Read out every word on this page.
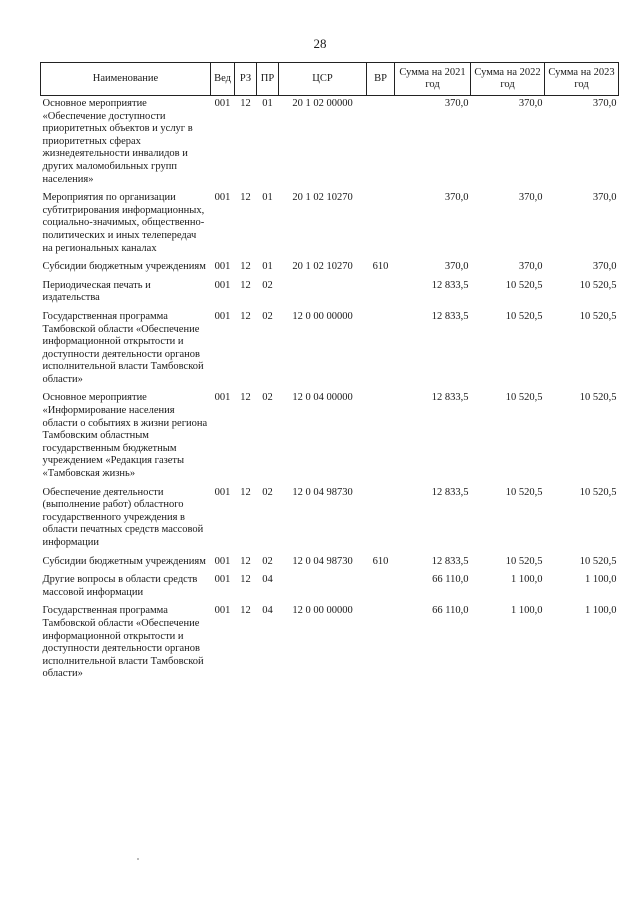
28
Наименование	Вед	РЗ	ПР	ЦСР	ВР	Сумма на 2021 год	Сумма на 2022 год	Сумма на 2023 год
Основное мероприятие «Обеспечение доступности приоритетных объектов и услуг в приоритетных сферах жизнедеятельности инвалидов и других маломобильных групп населения»	001	12	01	20 1 02 00000		370,0	370,0	370,0
Мероприятия по организации субтитрирования информационных, социально-значимых, общественно-политических и иных телепередач на региональных каналах	001	12	01	20 1 02 10270		370,0	370,0	370,0
Субсидии бюджетным учреждениям	001	12	01	20 1 02 10270	610	370,0	370,0	370,0
Периодическая печать и издательства	001	12	02			12 833,5	10 520,5	10 520,5
Государственная программа Тамбовской области «Обеспечение информационной открытости и доступности деятельности органов исполнительной власти Тамбовской области»	001	12	02	12 0 00 00000		12 833,5	10 520,5	10 520,5
Основное мероприятие «Информирование населения области о событиях в жизни региона Тамбовским областным государственным бюджетным учреждением «Редакция газеты «Тамбовская жизнь»	001	12	02	12 0 04 00000		12 833,5	10 520,5	10 520,5
Обеспечение деятельности (выполнение работ) областного государственного учреждения в области печатных средств массовой информации	001	12	02	12 0 04 98730		12 833,5	10 520,5	10 520,5
Субсидии бюджетным учреждениям	001	12	02	12 0 04 98730	610	12 833,5	10 520,5	10 520,5
Другие вопросы в области средств массовой информации	001	12	04			66 110,0	1 100,0	1 100,0
Государственная программа Тамбовской области «Обеспечение информационной открытости и доступности деятельности органов исполнительной власти Тамбовской области»	001	12	04	12 0 00 00000		66 110,0	1 100,0	1 100,0
